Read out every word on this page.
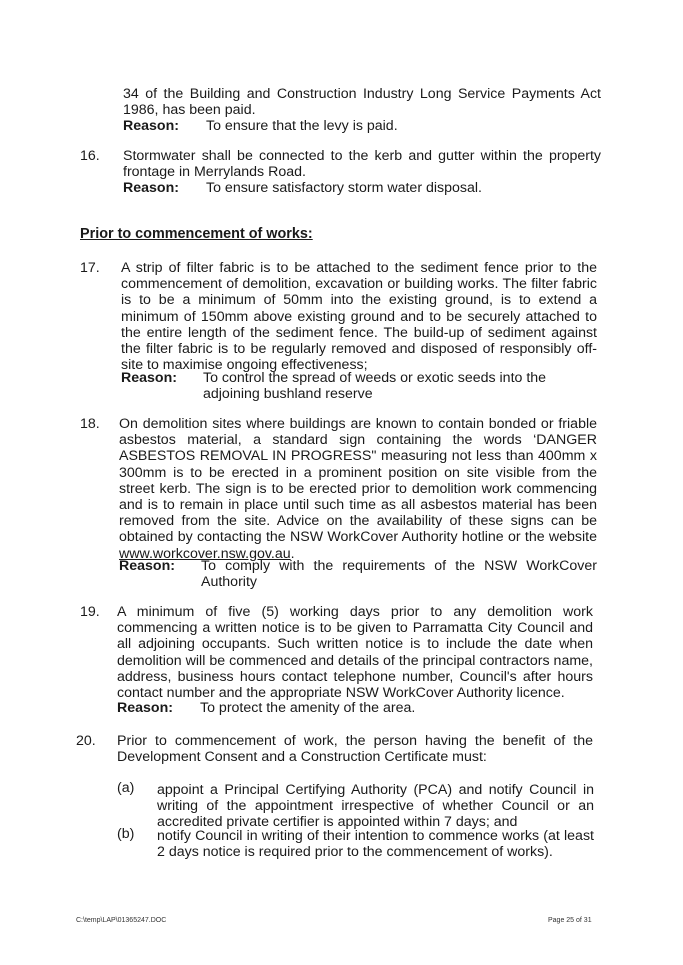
34 of the Building and Construction Industry Long Service Payments Act 1986, has been paid.
Reason: To ensure that the levy is paid.
16. Stormwater shall be connected to the kerb and gutter within the property frontage in Merrylands Road.
Reason: To ensure satisfactory storm water disposal.
Prior to commencement of works:
17. A strip of filter fabric is to be attached to the sediment fence prior to the commencement of demolition, excavation or building works. The filter fabric is to be a minimum of 50mm into the existing ground, is to extend a minimum of 150mm above existing ground and to be securely attached to the entire length of the sediment fence. The build-up of sediment against the filter fabric is to be regularly removed and disposed of responsibly off-site to maximise ongoing effectiveness;
Reason: To control the spread of weeds or exotic seeds into the adjoining bushland reserve
18. On demolition sites where buildings are known to contain bonded or friable asbestos material, a standard sign containing the words ‘DANGER ASBESTOS REMOVAL IN PROGRESS" measuring not less than 400mm x 300mm is to be erected in a prominent position on site visible from the street kerb. The sign is to be erected prior to demolition work commencing and is to remain in place until such time as all asbestos material has been removed from the site. Advice on the availability of these signs can be obtained by contacting the NSW WorkCover Authority hotline or the website www.workcover.nsw.gov.au.
Reason: To comply with the requirements of the NSW WorkCover Authority
19. A minimum of five (5) working days prior to any demolition work commencing a written notice is to be given to Parramatta City Council and all adjoining occupants. Such written notice is to include the date when demolition will be commenced and details of the principal contractors name, address, business hours contact telephone number, Council's after hours contact number and the appropriate NSW WorkCover Authority licence.
Reason: To protect the amenity of the area.
20. Prior to commencement of work, the person having the benefit of the Development Consent and a Construction Certificate must:
(a) appoint a Principal Certifying Authority (PCA) and notify Council in writing of the appointment irrespective of whether Council or an accredited private certifier is appointed within 7 days; and
(b) notify Council in writing of their intention to commence works (at least 2 days notice is required prior to the commencement of works).
C:\temp\LAP\01365247.DOC	Page 25 of 31
